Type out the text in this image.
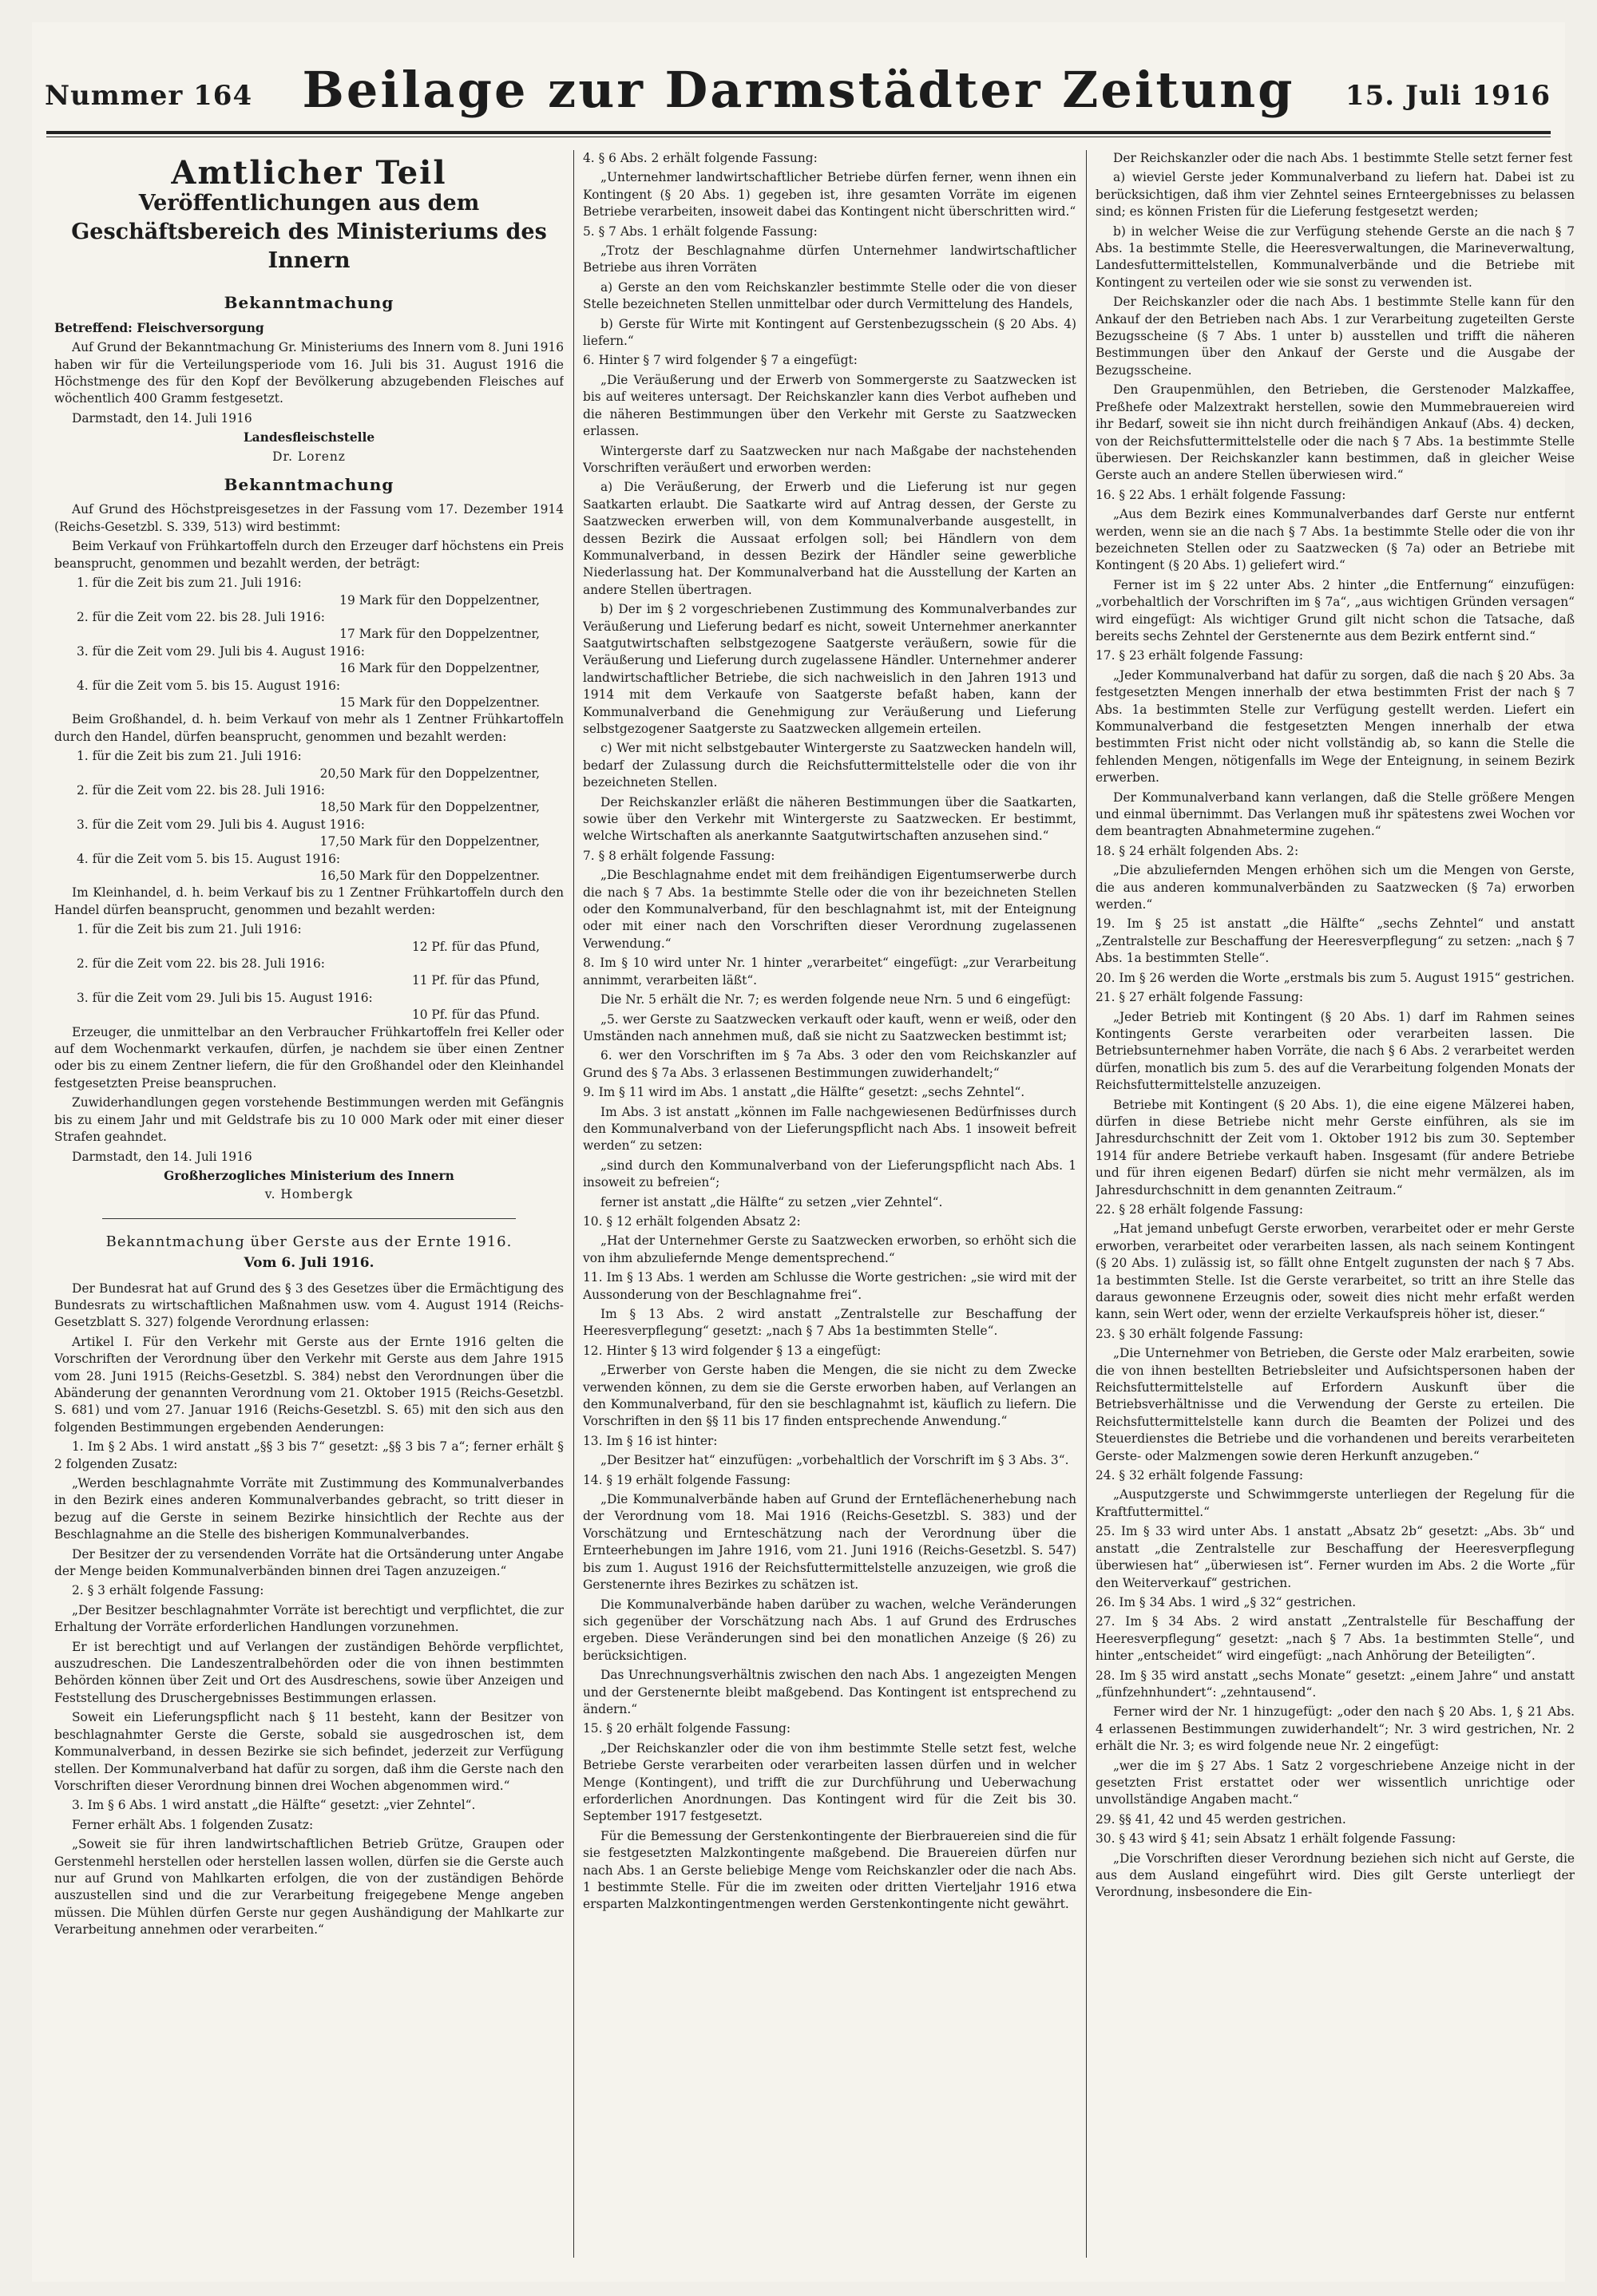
Nummer 164	Beilage zur Darmstädter Zeitung	15. Juli 1916
Amtlicher Teil
Veröffentlichungen aus dem Geschäftsbereich des Ministeriums des Innern
Bekanntmachung

Betreffend: Fleischversorgung

Auf Grund der Bekanntmachung Gr. Ministeriums des Innern vom 8. Juni 1916 haben wir für die Verteilungsperiode vom 16. Juli bis 31. August 1916 die Höchstmenge des für den Kopf der Bevölkerung abzugebenden Fleisches auf wöchentlich 400 Gramm festgesetzt.

Darmstadt, den 14. Juli 1916

Landesfleischstelle
Dr. Lorenz
Bekanntmachung

Auf Grund des Höchstpreisgesetzes in der Fassung vom 17. Dezember 1914 (Reichs-Gesetzbl. S. 339, 513) wird bestimmt:

Beim Verkauf von Frühkartoffeln durch den Erzeuger darf höchstens ein Preis beansprucht, genommen und bezahlt werden, der beträgt:

1. für die Zeit bis zum 21. Juli 1916:
19 Mark für den Doppelzentner,
2. für die Zeit vom 22. bis 28. Juli 1916:
17 Mark für den Doppelzentner,
3. für die Zeit vom 29. Juli bis 4. August 1916:
16 Mark für den Doppelzentner,
4. für die Zeit vom 5. bis 15. August 1916:
15 Mark für den Doppelzentner.

Beim Großhandel, d. h. beim Verkauf von mehr als 1 Zentner Frühkartoffeln durch den Handel, dürfen beansprucht, genommen und bezahlt werden:

1. für die Zeit bis zum 21. Juli 1916:
20,50 Mark für den Doppelzentner,
2. für die Zeit vom 22. bis 28. Juli 1916:
18,50 Mark für den Doppelzentner,
3. für die Zeit vom 29. Juli bis 4. August 1916:
17,50 Mark für den Doppelzentner,
4. für die Zeit vom 5. bis 15. August 1916:
16,50 Mark für den Doppelzentner.

Im Kleinhandel, d. h. beim Verkauf bis zu 1 Zentner Frühkartoffeln durch den Handel dürfen beansprucht, genommen und bezahlt werden:

1. für die Zeit bis zum 21. Juli 1916:
12 Pf. für das Pfund,
2. für die Zeit vom 22. bis 28. Juli 1916:
11 Pf. für das Pfund,
3. für die Zeit vom 29. Juli bis 15. August 1916:
10 Pf. für das Pfund.

Erzeuger, die unmittelbar an den Verbraucher Frühkartoffeln frei Keller oder auf dem Wochenmarkt verkaufen, dürfen, je nachdem sie über einen Zentner oder bis zu einem Zentner liefern, die für den Großhandel oder den Kleinhandel festgesetzten Preise beanspruchen.

Zuwiderhandlungen gegen vorstehende Bestimmungen werden mit Gefängnis bis zu einem Jahr und mit Geldstrafe bis zu 10 000 Mark oder mit einer dieser Strafen geahndet.

Darmstadt, den 14. Juli 1916

Großherzogliches Ministerium des Innern
v. Hombergk
Bekanntmachung über Gerste aus der Ernte 1916.
Vom 6. Juli 1916.

Der Bundesrat hat auf Grund des § 3 des Gesetzes über die Ermächtigung des Bundesrats zu wirtschaftlichen Maßnahmen usw. vom 4. August 1914 (Reichs-Gesetzblatt S. 327) folgende Verordnung erlassen:

Artikel I. Für den Verkehr mit Gerste aus der Ernte 1916 gelten die Vorschriften der Verordnung über den Verkehr mit Gerste aus dem Jahre 1915 vom 28. Juni 1915 (Reichs-Gesetzbl. S. 384) nebst den Verordnungen über die Abänderung der genannten Verordnung vom 21. Oktober 1915 (Reichs-Gesetzbl. S. 681) und vom 27. Januar 1916 (Reichs-Gesetzbl. S. 65) mit den sich aus den folgenden Bestimmungen ergebenden Aenderungen:

1. Im § 2 Abs. 1 wird anstatt „§§ 3 bis 7“ gesetzt: „§§ 3 bis 7 a“; ferner erhält § 2 folgenden Zusatz:

„Werden beschlagnahmte Vorräte mit Zustimmung des Kommunalverbandes in den Bezirk eines anderen Kommunalverbandes gebracht, so tritt dieser in bezug auf die Gerste in seinem Bezirke hinsichtlich der Rechte aus der Beschlagnahme an die Stelle des bisherigen Kommunalverbandes.

Der Besitzer der zu versendenden Vorräte hat die Ortsänderung unter Angabe der Menge beiden Kommunalverbänden binnen drei Tagen anzuzeigen.“

2. § 3 erhält folgende Fassung:

„Der Besitzer beschlagnahmter Vorräte ist berechtigt und verpflichtet, die zur Erhaltung der Vorräte erforderlichen Handlungen vorzunehmen.

Er ist berechtigt und auf Verlangen der zuständigen Behörde verpflichtet, auszudreschen. Die Landeszentralbehörden oder die von ihnen bestimmten Behörden können über Zeit und Ort des Ausdreschens, sowie über Anzeigen und Feststellung des Druschergebnisses Bestimmungen erlassen.

Soweit ein Lieferungspflicht nach § 11 besteht, kann der Besitzer von beschlagnahmter Gerste die Gerste, sobald sie ausgedroschen ist, dem Kommunalverband, in dessen Bezirke sie sich befindet, jederzeit zur Verfügung stellen. Der Kommunalverband hat dafür zu sorgen, daß ihm die Gerste nach den Vorschriften dieser Verordnung binnen drei Wochen abgenommen wird.“

3. Im § 6 Abs. 1 wird anstatt „die Hälfte“ gesetzt: „vier Zehntel“.

Ferner erhält Abs. 1 folgenden Zusatz:

„Soweit sie für ihren landwirtschaftlichen Betrieb Grütze, Graupen oder Gerstenmehl herstellen oder herstellen lassen wollen, dürfen sie die Gerste auch nur auf Grund von Mahlkarten erfolgen, die von der zuständigen Behörde auszustellen sind und die zur Verarbeitung freigegebene Menge angeben müssen. Die Mühlen dürfen Gerste nur gegen Aushändigung der Mahlkarte zur Verarbeitung annehmen oder verarbeiten.“

4. § 6 Abs. 2 erhält folgende Fassung:

„Unternehmer landwirtschaftlicher Betriebe dürfen ferner, wenn ihnen ein Kontingent (§ 20 Abs. 1) gegeben ist, ihre gesamten Vorräte im eigenen Betriebe verarbeiten, insoweit dabei das Kontingent nicht überschritten wird.“

5. § 7 Abs. 1 erhält folgende Fassung:

„Trotz der Beschlagnahme dürfen Unternehmer landwirtschaftlicher Betriebe aus ihren Vorräten

a) Gerste an den vom Reichskanzler bestimmte Stelle oder die von dieser Stelle bezeichneten Stellen unmittelbar oder durch Vermittelung des Handels,

b) Gerste für Wirte mit Kontingent auf Gerstenbezugsschein (§ 20 Abs. 4) liefern.“

6. Hinter § 7 wird folgender § 7 a eingefügt:

„Die Veräußerung und der Erwerb von Sommergerste zu Saatzwecken ist bis auf weiteres untersagt. Der Reichskanzler kann dies Verbot aufheben und die näheren Bestimmungen über den Verkehr mit Gerste zu Saatzwecken erlassen.

Wintergerste darf zu Saatzwecken nur nach Maßgabe der nachstehenden Vorschriften veräußert und erworben werden:

a) Die Veräußerung, der Erwerb und die Lieferung ist nur gegen Saatkarten erlaubt. Die Saatkarte wird auf Antrag dessen, der Gerste zu Saatzwecken erwerben will, von dem Kommunalverbande ausgestellt, in dessen Bezirk die Aussaat erfolgen soll; bei Händlern von dem Kommunalverband, in dessen Bezirk der Händler seine gewerbliche Niederlassung hat. Der Kommunalverband hat die Ausstellung der Karten an andere Stellen übertragen.

b) Der im § 2 vorgeschriebenen Zustimmung des Kommunalverbandes zur Veräußerung und Lieferung bedarf es nicht, soweit Unternehmer anerkannter Saatgutwirtschaften selbstgezogene Saatgerste veräußern, sowie für die Veräußerung und Lieferung durch zugelassene Händler. Unternehmer anderer landwirtschaftlicher Betriebe, die sich nachweislich in den Jahren 1913 und 1914 mit dem Verkaufe von Saatgerste befaßt haben, kann der Kommunalverband die Genehmigung zur Veräußerung und Lieferung selbstgezogener Saatgerste zu Saatzwecken allgemein erteilen.

c) Wer mit nicht selbstgebauter Wintergerste zu Saatzwecken handeln will, bedarf der Zulassung durch die Reichsfuttermittelstelle oder die von ihr bezeichneten Stellen.

Der Reichskanzler erläßt die näheren Bestimmungen über die Saatkarten, sowie über den Verkehr mit Wintergerste zu Saatzwecken. Er bestimmt, welche Wirtschaften als anerkannte Saatgutwirtschaften anzusehen sind.“

7. § 8 erhält folgende Fassung:

„Die Beschlagnahme endet mit dem freihändigen Eigentumserwerbe durch die nach § 7 Abs. 1a bestimmte Stelle oder die von ihr bezeichneten Stellen oder den Kommunalverband, für den beschlagnahmt ist, mit der Enteignung oder mit einer nach den Vorschriften dieser Verordnung zugelassenen Verwendung.“

8. Im § 10 wird unter Nr. 1 hinter „verarbeitet“ eingefügt: „zur Verarbeitung annimmt, verarbeiten läßt“.

Die Nr. 5 erhält die Nr. 7; es werden folgende neue Nrn. 5 und 6 eingefügt:

„5. wer Gerste zu Saatzwecken verkauft oder kauft, wenn er weiß, oder den Umständen nach annehmen muß, daß sie nicht zu Saatzwecken bestimmt ist;

6. wer den Vorschriften im § 7a Abs. 3 oder den vom Reichskanzler auf Grund des § 7a Abs. 3 erlassenen Bestimmungen zuwiderhandelt;“

9. Im § 11 wird im Abs. 1 anstatt „die Hälfte“ gesetzt: „sechs Zehntel“.

Im Abs. 3 ist anstatt „können im Falle nachgewiesenen Bedürfnisses durch den Kommunalverband von der Lieferungspflicht nach Abs. 1 insoweit befreit werden“ zu setzen:

„sind durch den Kommunalverband von der Lieferungspflicht nach Abs. 1 insoweit zu befreien“;

ferner ist anstatt „die Hälfte“ zu setzen „vier Zehntel“.

10. § 12 erhält folgenden Absatz 2:

„Hat der Unternehmer Gerste zu Saatzwecken erworben, so erhöht sich die von ihm abzuliefernde Menge dementsprechend.“

11. Im § 13 Abs. 1 werden am Schlusse die Worte gestrichen: „sie wird mit der Aussonderung von der Beschlagnahme frei“.

Im § 13 Abs. 2 wird anstatt „Zentralstelle zur Beschaffung der Heeresverpflegung“ gesetzt: „nach § 7 Abs 1a bestimmten Stelle“.

12. Hinter § 13 wird folgender § 13 a eingefügt:

„Erwerber von Gerste haben die Mengen, die sie nicht zu dem Zwecke verwenden können, zu dem sie die Gerste erworben haben, auf Verlangen an den Kommunalverband, für den sie beschlagnahmt ist, käuflich zu liefern. Die Vorschriften in den §§ 11 bis 17 finden entsprechende Anwendung.“

13. Im § 16 ist hinter:

„Der Besitzer hat“ einzufügen: „vorbehaltlich der Vorschrift im § 3 Abs. 3“.

14. § 19 erhält folgende Fassung:

„Die Kommunalverbände haben auf Grund der Ernteflächenerhebung nach der Verordnung vom 18. Mai 1916 (Reichs-Gesetzbl. S. 383) und der Vorschätzung und Ernteschätzung nach der Verordnung über die Ernteerhebungen im Jahre 1916, vom 21. Juni 1916 (Reichs-Gesetzbl. S. 547) bis zum 1. August 1916 der Reichsfuttermittelstelle anzuzeigen, wie groß die Gerstenernte ihres Bezirkes zu schätzen ist.

Die Kommunalverbände haben darüber zu wachen, welche Veränderungen sich gegenüber der Vorschätzung nach Abs. 1 auf Grund des Erdrusches ergeben. Diese Veränderungen sind bei den monatlichen Anzeige (§ 26) zu berücksichtigen.

Das Unrechnungsverhältnis zwischen den nach Abs. 1 angezeigten Mengen und der Gerstenernte bleibt maßgebend. Das Kontingent ist entsprechend zu ändern.“

15. § 20 erhält folgende Fassung:

„Der Reichskanzler oder die von ihm bestimmte Stelle setzt fest, welche Betriebe Gerste verarbeiten oder verarbeiten lassen dürfen und in welcher Menge (Kontingent), und trifft die zur Durchführung und Ueberwachung erforderlichen Anordnungen. Das Kontingent wird für die Zeit bis 30. September 1917 festgesetzt.

Für die Bemessung der Gerstenkontingente der Bierbrauereien sind die für sie festgesetzten Malzkontingente maßgebend. Die Brauereien dürfen nur nach Abs. 1 an Gerste beliebige Menge vom Reichskanzler oder die nach Abs. 1 bestimmte Stelle. Für die im zweiten oder dritten Vierteljahr 1916 etwa ersparten Malzkontingentmengen werden Gerstenkontingente nicht gewährt.

Der Reichskanzler oder die nach Abs. 1 bestimmte Stelle setzt ferner fest

a) wieviel Gerste jeder Kommunalverband zu liefern hat. Dabei ist zu berücksichtigen, daß ihm vier Zehntel seines Ernteergebnisses zu belassen sind; es können Fristen für die Lieferung festgesetzt werden;

b) in welcher Weise die zur Verfügung stehende Gerste an die nach § 7 Abs. 1a bestimmte Stelle, die Heeresverwaltungen, die Marineverwaltung, Landesfuttermittelstellen, Kommunalverbände und die Betriebe mit Kontingent zu verteilen oder wie sie sonst zu verwenden ist.

Der Reichskanzler oder die nach Abs. 1 bestimmte Stelle kann für den Ankauf der den Betrieben nach Abs. 1 zur Verarbeitung zugeteilten Gerste Bezugsscheine (§ 7 Abs. 1 unter b) ausstellen und trifft die näheren Bestimmungen über den Ankauf der Gerste und die Ausgabe der Bezugsscheine.

Den Graupenmühlen, den Betrieben, die Gerstenoder Malzkaffee, Preßhefe oder Malzextrakt herstellen, sowie den Mummebrauereien wird ihr Bedarf, soweit sie ihn nicht durch freihändigen Ankauf (Abs. 4) decken, von der Reichsfuttermittelstelle oder die nach § 7 Abs. 1a bestimmte Stelle überwiesen. Der Reichskanzler kann bestimmen, daß in gleicher Weise Gerste auch an andere Stellen überwiesen wird.“

16. § 22 Abs. 1 erhält folgende Fassung:

„Aus dem Bezirk eines Kommunalverbandes darf Gerste nur entfernt werden, wenn sie an die nach § 7 Abs. 1a bestimmte Stelle oder die von ihr bezeichneten Stellen oder zu Saatzwecken (§ 7a) oder an Betriebe mit Kontingent (§ 20 Abs. 1) geliefert wird.“

Ferner ist im § 22 unter Abs. 2 hinter „die Entfernung“ einzufügen: „vorbehaltlich der Vorschriften im § 7a“, „aus wichtigen Gründen versagen“ wird eingefügt: Als wichtiger Grund gilt nicht schon die Tatsache, daß bereits sechs Zehntel der Gerstenernte aus dem Bezirk entfernt sind.“

17. § 23 erhält folgende Fassung:

„Jeder Kommunalverband hat dafür zu sorgen, daß die nach § 20 Abs. 3a festgesetzten Mengen innerhalb der etwa bestimmten Frist der nach § 7 Abs. 1a bestimmten Stelle zur Verfügung gestellt werden. Liefert ein Kommunalverband die festgesetzten Mengen innerhalb der etwa bestimmten Frist nicht oder nicht vollständig ab, so kann die Stelle die fehlenden Mengen, nötigenfalls im Wege der Enteignung, in seinem Bezirk erwerben.

Der Kommunalverband kann verlangen, daß die Stelle größere Mengen und einmal übernimmt. Das Verlangen muß ihr spätestens zwei Wochen vor dem beantragten Abnahmetermine zugehen.“

18. § 24 erhält folgenden Abs. 2:

„Die abzuliefernden Mengen erhöhen sich um die Mengen von Gerste, die aus anderen kommunalverbänden zu Saatzwecken (§ 7a) erworben werden.“

19. Im § 25 ist anstatt „die Hälfte“ „sechs Zehntel“ und anstatt „Zentralstelle zur Beschaffung der Heeresverpflegung“ zu setzen: „nach § 7 Abs. 1a bestimmten Stelle“.

20. Im § 26 werden die Worte „erstmals bis zum 5. August 1915“ gestrichen.

21. § 27 erhält folgende Fassung:

„Jeder Betrieb mit Kontingent (§ 20 Abs. 1) darf im Rahmen seines Kontingents Gerste verarbeiten oder verarbeiten lassen. Die Betriebsunternehmer haben Vorräte, die nach § 6 Abs. 2 verarbeitet werden dürfen, monatlich bis zum 5. des auf die Verarbeitung folgenden Monats der Reichsfuttermittelstelle anzuzeigen.

Betriebe mit Kontingent (§ 20 Abs. 1), die eine eigene Mälzerei haben, dürfen in diese Betriebe nicht mehr Gerste einführen, als sie im Jahresdurchschnitt der Zeit vom 1. Oktober 1912 bis zum 30. September 1914 für andere Betriebe verkauft haben. Insgesamt (für andere Betriebe und für ihren eigenen Bedarf) dürfen sie nicht mehr vermälzen, als im Jahresdurchschnitt in dem genannten Zeitraum.“

22. § 28 erhält folgende Fassung:

„Hat jemand unbefugt Gerste erworben, verarbeitet oder er mehr Gerste erworben, verarbeitet oder verarbeiten lassen, als nach seinem Kontingent (§ 20 Abs. 1) zulässig ist, so fällt ohne Entgelt zugunsten der nach § 7 Abs. 1a bestimmten Stelle. Ist die Gerste verarbeitet, so tritt an ihre Stelle das daraus gewonnene Erzeugnis oder, soweit dies nicht mehr erfaßt werden kann, sein Wert oder, wenn der erzielte Verkaufspreis höher ist, dieser.“

23. § 30 erhält folgende Fassung:

„Die Unternehmer von Betrieben, die Gerste oder Malz erarbeiten, sowie die von ihnen bestellten Betriebsleiter und Aufsichtspersonen haben der Reichsfuttermittelstelle auf Erfordern Auskunft über die Betriebsverhältnisse und die Verwendung der Gerste zu erteilen. Die Reichsfuttermittelstelle kann durch die Beamten der Polizei und des Steuerdienstes die Betriebe und die vorhandenen und bereits verarbeiteten Gerste- oder Malzmengen sowie deren Herkunft anzugeben.“

24. § 32 erhält folgende Fassung:

„Ausputzgerste und Schwimmgerste unterliegen der Regelung für die Kraftfuttermittel.“

25. Im § 33 wird unter Abs. 1 anstatt „Absatz 2b“ gesetzt: „Abs. 3b“ und anstatt „die Zentralstelle zur Beschaffung der Heeresverpflegung überwiesen hat“ „überwiesen ist“. Ferner wurden im Abs. 2 die Worte „für den Weiterverkauf“ gestrichen.

26. Im § 34 Abs. 1 wird „§ 32“ gestrichen.

27. Im § 34 Abs. 2 wird anstatt „Zentralstelle für Beschaffung der Heeresverpflegung“ gesetzt: „nach § 7 Abs. 1a bestimmten Stelle“, und hinter „entscheidet“ wird eingefügt: „nach Anhörung der Beteiligten“.

28. Im § 35 wird anstatt „sechs Monate“ gesetzt: „einem Jahre“ und anstatt „fünfzehnhundert“: „zehntausend“.

Ferner wird der Nr. 1 hinzugefügt: „oder den nach § 20 Abs. 1, § 21 Abs. 4 erlassenen Bestimmungen zuwiderhandelt“; Nr. 3 wird gestrichen, Nr. 2 erhält die Nr. 3; es wird folgende neue Nr. 2 eingefügt:

„wer die im § 27 Abs. 1 Satz 2 vorgeschriebene Anzeige nicht in der gesetzten Frist erstattet oder wer wissentlich unrichtige oder unvollständige Angaben macht.“

29. §§ 41, 42 und 45 werden gestrichen.

30. § 43 wird § 41; sein Absatz 1 erhält folgende Fassung:

„Die Vorschriften dieser Verordnung beziehen sich nicht auf Gerste, die aus dem Ausland eingeführt wird. Dies gilt Gerste unterliegt der Verordnung, insbesondere die Ein-
